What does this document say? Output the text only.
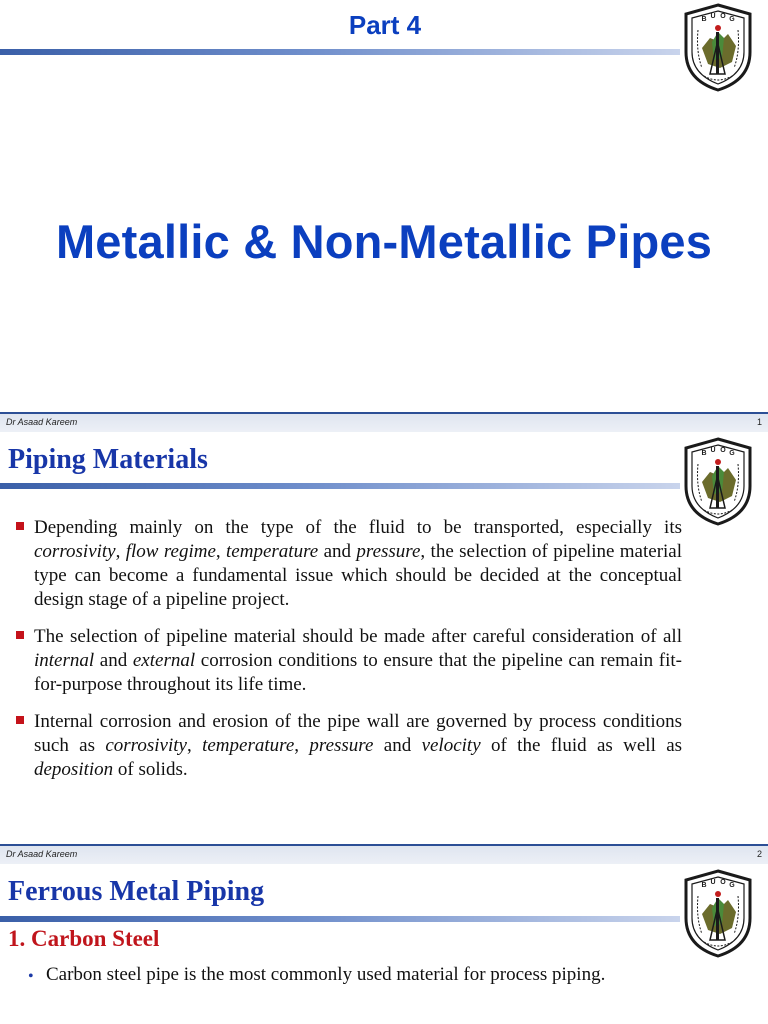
Part 4	B U O G
Metallic & Non-Metallic Pipes
Dr Asaad Kareem	1
Piping Materials	B U O G
Depending mainly on the type of the fluid to be transported, especially its corrosivity, flow regime, temperature and pressure, the selection of pipeline material type can become a fundamental issue which should be decided at the conceptual design stage of a pipeline project.
The selection of pipeline material should be made after careful consideration of all internal and external corrosion conditions to ensure that the pipeline can remain fit-for-purpose throughout its life time.
Internal corrosion and erosion of the pipe wall are governed by process conditions such as corrosivity, temperature, pressure and velocity of the fluid as well as deposition of solids.
Dr Asaad Kareem	2
Ferrous Metal Piping	B U O G
1. Carbon Steel
• Carbon steel pipe is the most commonly used material for process piping.
